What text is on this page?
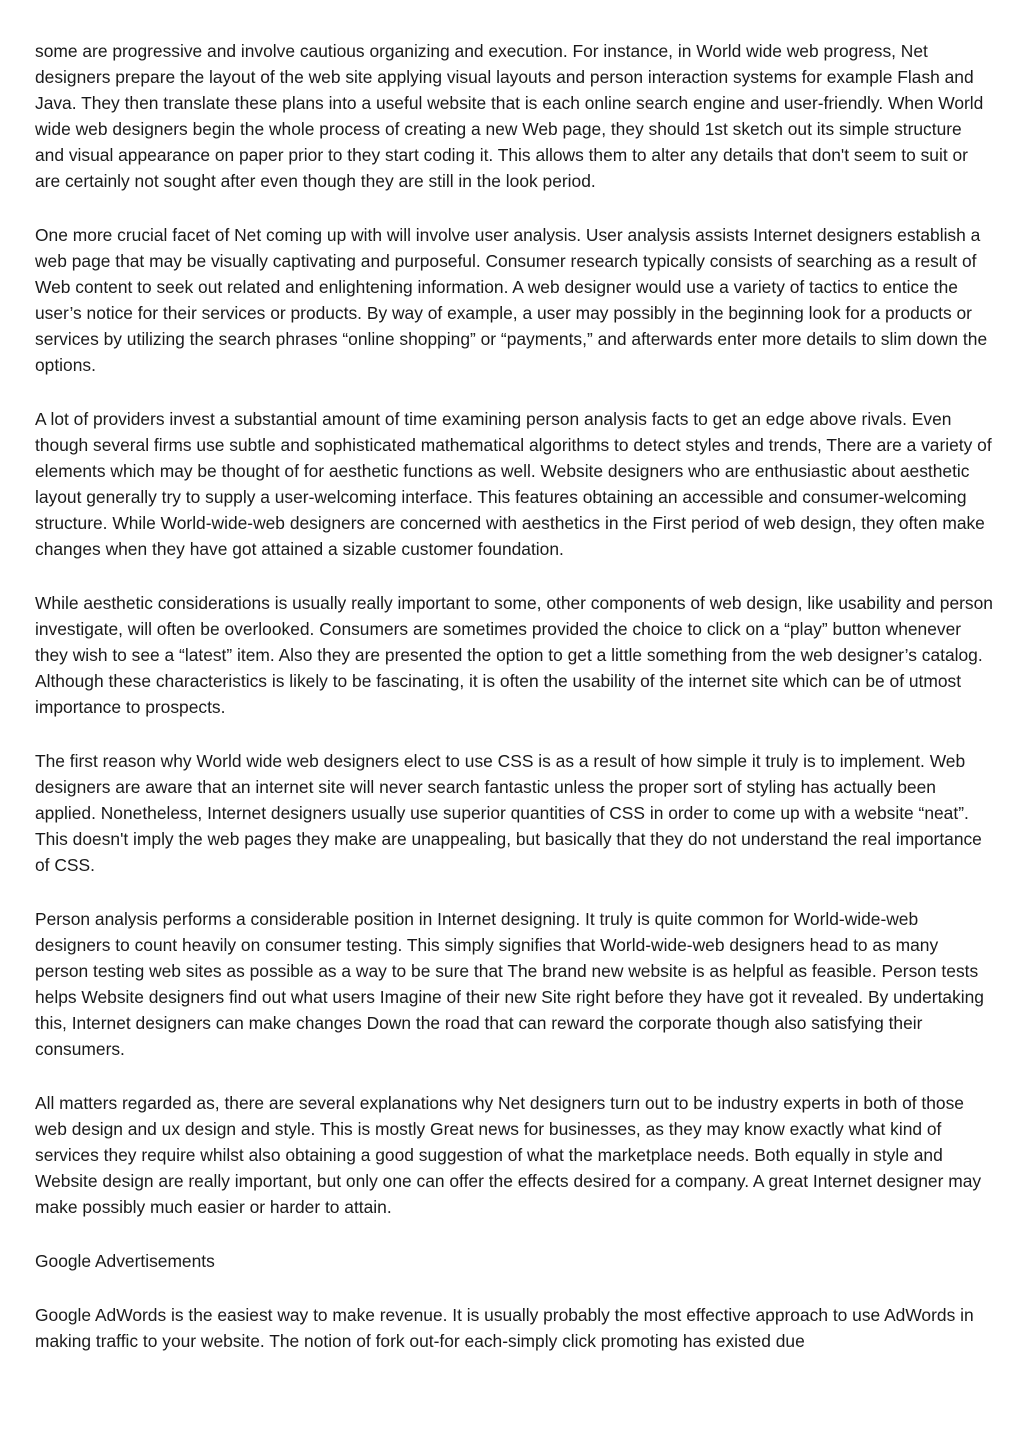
some are progressive and involve cautious organizing and execution. For instance, in World wide web progress, Net designers prepare the layout of the web site applying visual layouts and person interaction systems for example Flash and Java. They then translate these plans into a useful website that is each online search engine and user-friendly. When World wide web designers begin the whole process of creating a new Web page, they should 1st sketch out its simple structure and visual appearance on paper prior to they start coding it. This allows them to alter any details that don't seem to suit or are certainly not sought after even though they are still in the look period.

One more crucial facet of Net coming up with will involve user analysis. User analysis assists Internet designers establish a web page that may be visually captivating and purposeful. Consumer research typically consists of searching as a result of Web content to seek out related and enlightening information. A web designer would use a variety of tactics to entice the user’s notice for their services or products. By way of example, a user may possibly in the beginning look for a products or services by utilizing the search phrases “online shopping” or “payments,” and afterwards enter more details to slim down the options.

A lot of providers invest a substantial amount of time examining person analysis facts to get an edge above rivals. Even though several firms use subtle and sophisticated mathematical algorithms to detect styles and trends, There are a variety of elements which may be thought of for aesthetic functions as well. Website designers who are enthusiastic about aesthetic layout generally try to supply a user-welcoming interface. This features obtaining an accessible and consumer-welcoming structure. While World-wide-web designers are concerned with aesthetics in the First period of web design, they often make changes when they have got attained a sizable customer foundation.

While aesthetic considerations is usually really important to some, other components of web design, like usability and person investigate, will often be overlooked. Consumers are sometimes provided the choice to click on a “play” button whenever they wish to see a “latest” item. Also they are presented the option to get a little something from the web designer’s catalog. Although these characteristics is likely to be fascinating, it is often the usability of the internet site which can be of utmost importance to prospects.

The first reason why World wide web designers elect to use CSS is as a result of how simple it truly is to implement. Web designers are aware that an internet site will never search fantastic unless the proper sort of styling has actually been applied. Nonetheless, Internet designers usually use superior quantities of CSS in order to come up with a website “neat”. This doesn't imply the web pages they make are unappealing, but basically that they do not understand the real importance of CSS.

Person analysis performs a considerable position in Internet designing. It truly is quite common for World-wide-web designers to count heavily on consumer testing. This simply signifies that World-wide-web designers head to as many person testing web sites as possible as a way to be sure that The brand new website is as helpful as feasible. Person tests helps Website designers find out what users Imagine of their new Site right before they have got it revealed. By undertaking this, Internet designers can make changes Down the road that can reward the corporate though also satisfying their consumers.

All matters regarded as, there are several explanations why Net designers turn out to be industry experts in both of those web design and ux design and style. This is mostly Great news for businesses, as they may know exactly what kind of services they require whilst also obtaining a good suggestion of what the marketplace needs. Both equally in style and Website design are really important, but only one can offer the effects desired for a company. A great Internet designer may make possibly much easier or harder to attain.

Google Advertisements

Google AdWords is the easiest way to make revenue. It is usually probably the most effective approach to use AdWords in making traffic to your website. The notion of fork out-for each-simply click promoting has existed due
